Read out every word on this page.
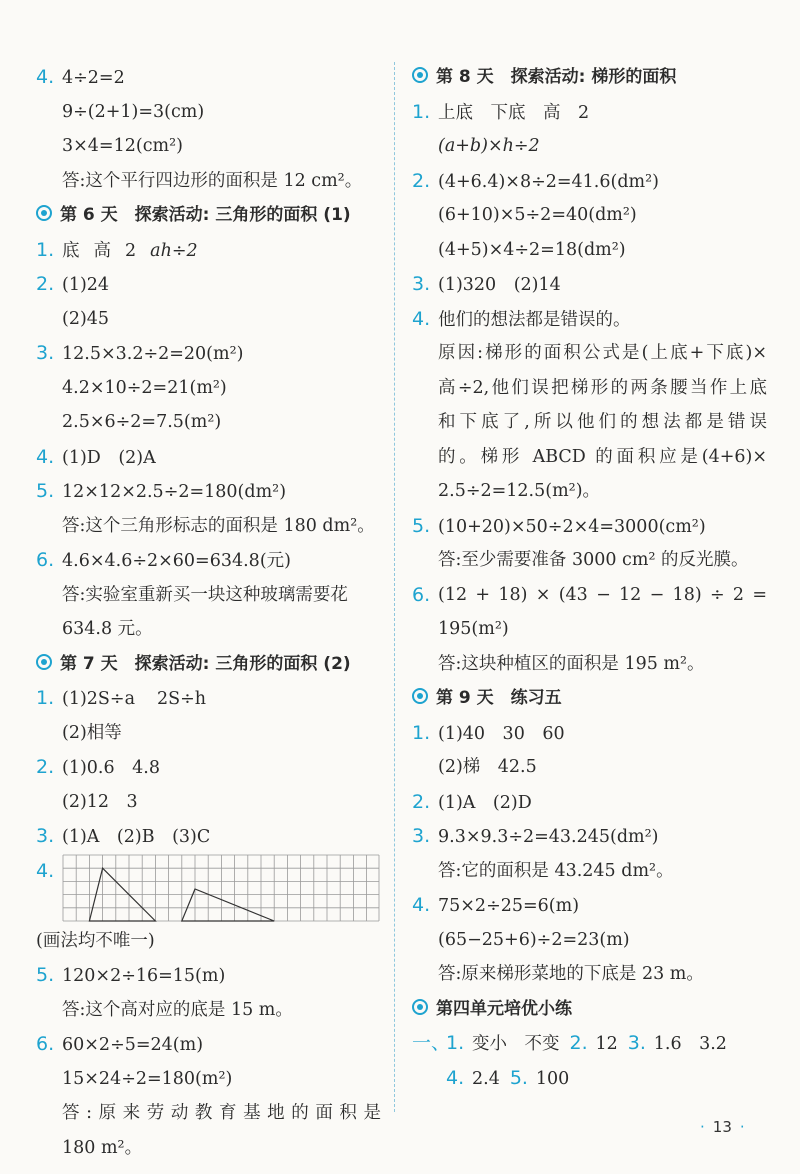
4. 4÷2=2
9÷(2+1)=3(cm)
3×4=12(cm²)
答:这个平行四边形的面积是 12 cm²。
第 6 天　探索活动: 三角形的面积 (1)
1. 底 高 2 ah÷2
2. (1)24
(2)45
3. 12.5×3.2÷2=20(m²)
4.2×10÷2=21(m²)
2.5×6÷2=7.5(m²)
4. (1)D　(2)A
5. 12×12×2.5÷2=180(dm²)
答:这个三角形标志的面积是 180 dm²。
6. 4.6×4.6÷2×60=634.8(元)
答:实验室重新买一块这种玻璃需要花
634.8 元。
第 7 天　探索活动: 三角形的面积 (2)
1. (1)2S÷a 2S÷h
(2)相等
2. (1)0.6　4.8
(2)12　3
3. (1)A　(2)B　(3)C
4.
(画法均不唯一)
5. 120×2÷16=15(m)
答:这个高对应的底是 15 m。
6. 60×2÷5=24(m)
15×24÷2=180(m²)
答:原来劳动教育基地的面积是
180 m²。
第 8 天　探索活动: 梯形的面积
1. 上底　下底　高　2
(a+b)×h÷2
2. (4+6.4)×8÷2=41.6(dm²)
(6+10)×5÷2=40(dm²)
(4+5)×4÷2=18(dm²)
3. (1)320　(2)14
4. 他们的想法都是错误的。
原因:梯形的面积公式是(上底+下底)×
高÷2,他们误把梯形的两条腰当作上底
和下底了,所以他们的想法都是错误
的。梯形 ABCD 的面积应是(4+6)×
2.5÷2=12.5(m²)。
5. (10+20)×50÷2×4=3000(cm²)
答:至少需要准备 3000 cm² 的反光膜。
6. (12 + 18) × (43 − 12 − 18) ÷ 2 =
195(m²)
答:这块种植区的面积是 195 m²。
第 9 天　练习五
1. (1)40　30　60
(2)梯　42.5
2. (1)A　(2)D
3. 9.3×9.3÷2=43.245(dm²)
答:它的面积是 43.245 dm²。
4. 75×2÷25=6(m)
(65−25+6)÷2=23(m)
答:原来梯形菜地的下底是 23 m。
第四单元培优小练
一、1. 变小　不变 2. 12 3. 1.6　3.2
4. 2.4 5. 100
· 13 ·
